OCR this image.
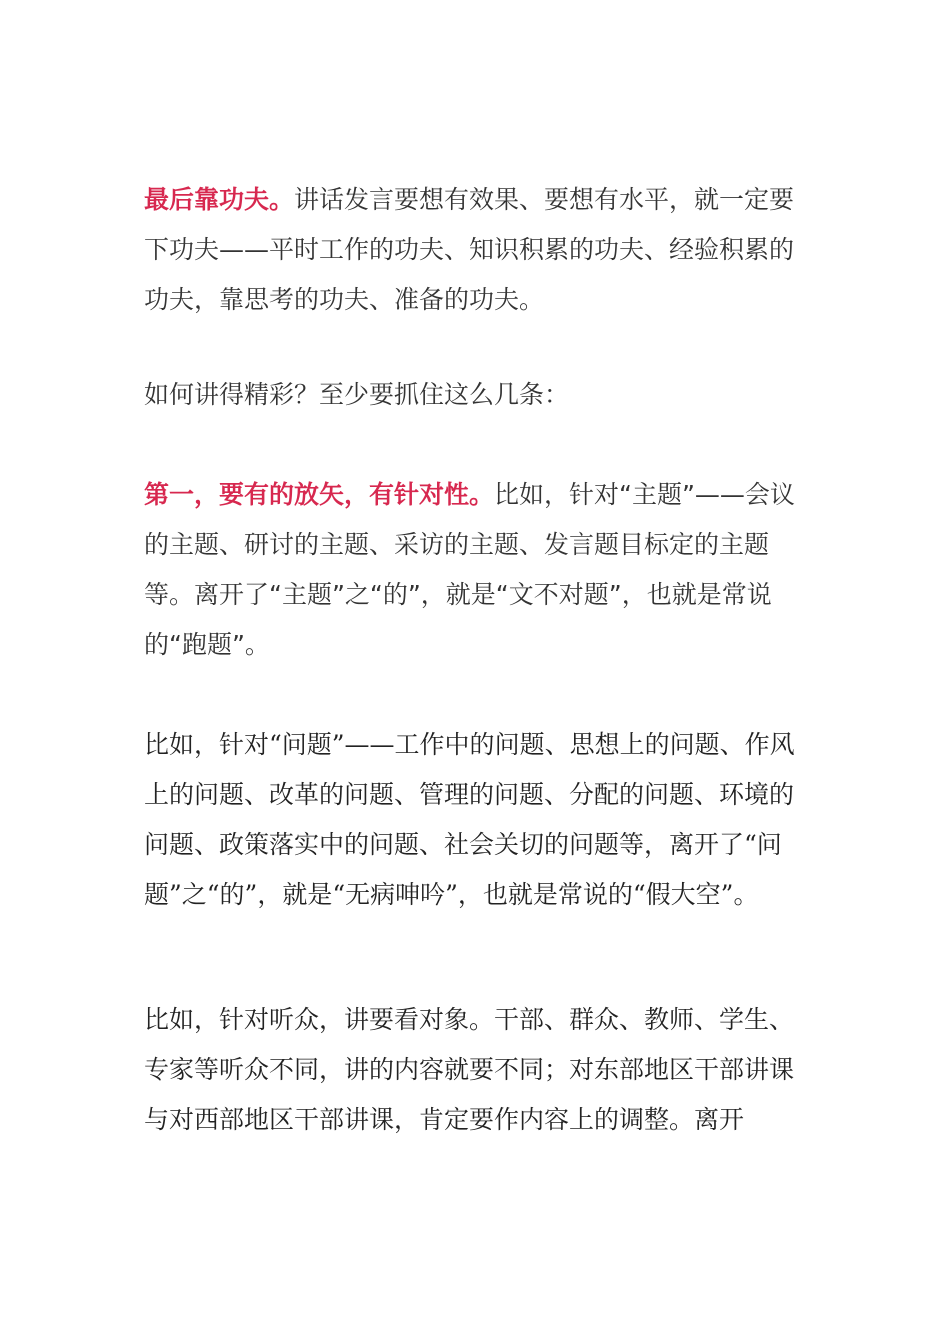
最后靠功夫。讲话发言要想有效果、要想有水平，就一定要下功夫——平时工作的功夫、知识积累的功夫、经验积累的功夫，靠思考的功夫、准备的功夫。

如何讲得精彩？至少要抓住这么几条：

第一，要有的放矢，有针对性。比如，针对“主题”——会议的主题、研讨的主题、采访的主题、发言题目标定的主题等。离开了“主题”之“的”，就是“文不对题”，也就是常说的“跑题”。

比如，针对“问题”——工作中的问题、思想上的问题、作风上的问题、改革的问题、管理的问题、分配的问题、环境的问题、政策落实中的问题、社会关切的问题等，离开了“问题”之“的”，就是“无病呻吟”，也就是常说的“假大空”。

比如，针对听众，讲要看对象。干部、群众、教师、学生、专家等听众不同，讲的内容就要不同；对东部地区干部讲课与对西部地区干部讲课，肯定要作内容上的调整。离开
